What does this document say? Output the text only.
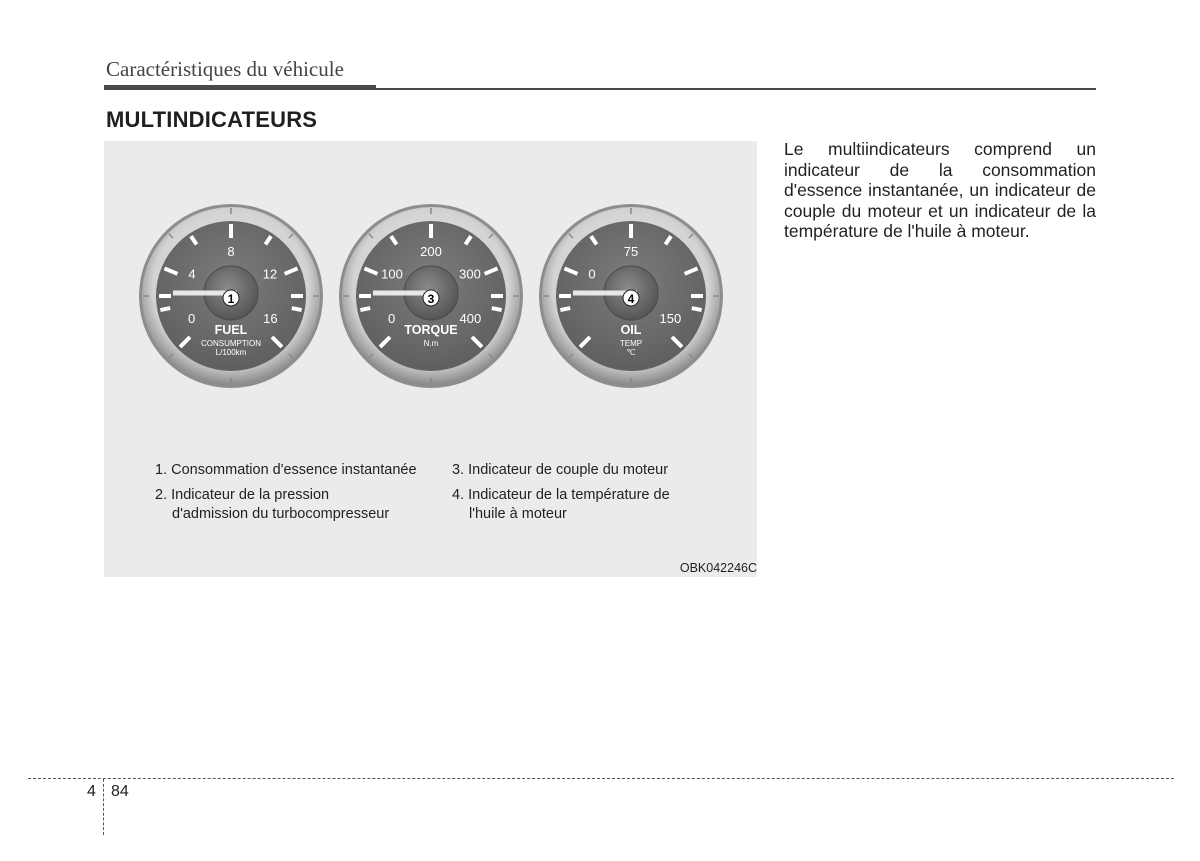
Caractéristiques du véhicule
MULTINDICATEURS
0
4
8
12
16
1
FUEL
CONSUMPTION
L/100km
0
100
200
300
400
3
TORQUE
N.m
0
75
150
4
OIL
TEMP
℃
1. Consommation d'essence instantanée
2. Indicateur de la pression
d'admission du turbocompresseur
3. Indicateur de couple du moteur
4. Indicateur de la température de
l'huile à moteur
OBK042246C
Le multiindicateurs comprend un indicateur de la consommation d'essence instantanée, un indicateur de couple du moteur et un indicateur de la température de l'huile à moteur.
4 84
